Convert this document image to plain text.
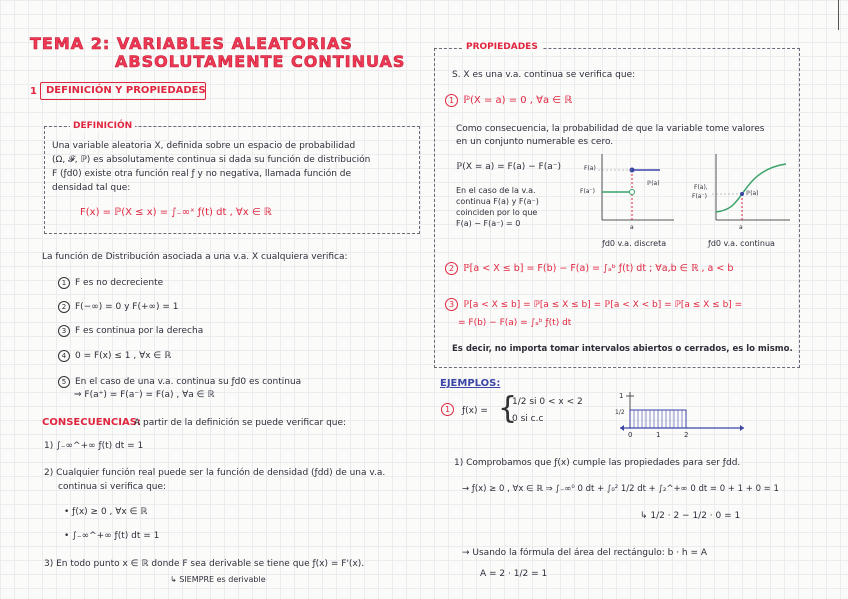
TEMA 2: VARIABLES ALEATORIAS
ABSOLUTAMENTE CONTINUAS
1 DEFINICIÓN Y PROPIEDADES
DEFINICIÓN
Una variable aleatoria X, definida sobre un espacio de probabilidad
(Ω, 𝓕, ℙ) es absolutamente continua si dada su función de distribución
F (ƒd0) existe otra función real ƒ y no negativa, llamada función de
densidad tal que:
F(x) = ℙ(X ≤ x) = ∫₋∞ˣ ƒ(t) dt , ∀x ∈ ℝ
La función de Distribución asociada a una v.a. X cualquiera verifica:
1 F es no decreciente
2 F(−∞) = 0 y F(+∞) = 1
3 F es continua por la derecha
4 0 = F(x) ≤ 1 , ∀x ∈ ℝ
5 En el caso de una v.a. continua su ƒd0 es continua
⇒ F(a⁺) = F(a⁻) = F(a) , ∀a ∈ ℝ
CONSECUENCIAS:
A partir de la definición se puede verificar que:
1) ∫₋∞^+∞ ƒ(t) dt = 1
2) Cualquier función real puede ser la función de densidad (ƒdd) de una v.a.
continua si verifica que:
• ƒ(x) ≥ 0 , ∀x ∈ ℝ
• ∫₋∞^+∞ ƒ(t) dt = 1
3) En todo punto x ∈ ℝ donde F sea derivable se tiene que ƒ(x) = F'(x).
↳ SIEMPRE es derivable
PROPIEDADES
S. X es una v.a. continua se verifica que:
1 ℙ(X = a) = 0 , ∀a ∈ ℝ
Como consecuencia, la probabilidad de que la variable tome valores
en un conjunto numerable es cero.
ℙ(X = a) = F(a) − F(a⁻)
En el caso de la v.a.
continua F(a) y F(a⁻)
coinciden por lo que
F(a) − F(a⁻) = 0
F(a)
F(a⁻)
ℙ(a)
a
ƒd0 v.a. discreta
F(a),
F(a⁻)	ℙ(a)
a
ƒd0 v.a. continua
2 ℙ[a < X ≤ b] = F(b) − F(a) = ∫ₐᵇ ƒ(t) dt ; ∀a,b ∈ ℝ , a < b
3 ℙ[a < X ≤ b] = ℙ[a ≤ X ≤ b] = ℙ[a < X < b] = ℙ[a ≤ X ≤ b] =
= F(b) − F(a) = ∫ₐᵇ ƒ(t) dt
Es decir, no importa tomar intervalos abiertos o cerrados, es lo mismo.
EJEMPLOS:
1	ƒ(x) = {
1/2 si 0 < x < 2
0 si c.c
1
1/2
0	1	2
1) Comprobamos que ƒ(x) cumple las propiedades para ser ƒdd.
→ ƒ(x) ≥ 0 , ∀x ∈ ℝ ⇒ ∫₋∞⁰ 0 dt + ∫₀² 1/2 dt + ∫₂^+∞ 0 dt = 0 + 1 + 0 = 1
↳ 1/2 · 2 − 1/2 · 0 = 1
→ Usando la fórmula del área del rectángulo: b · h = A
A = 2 · 1/2 = 1
